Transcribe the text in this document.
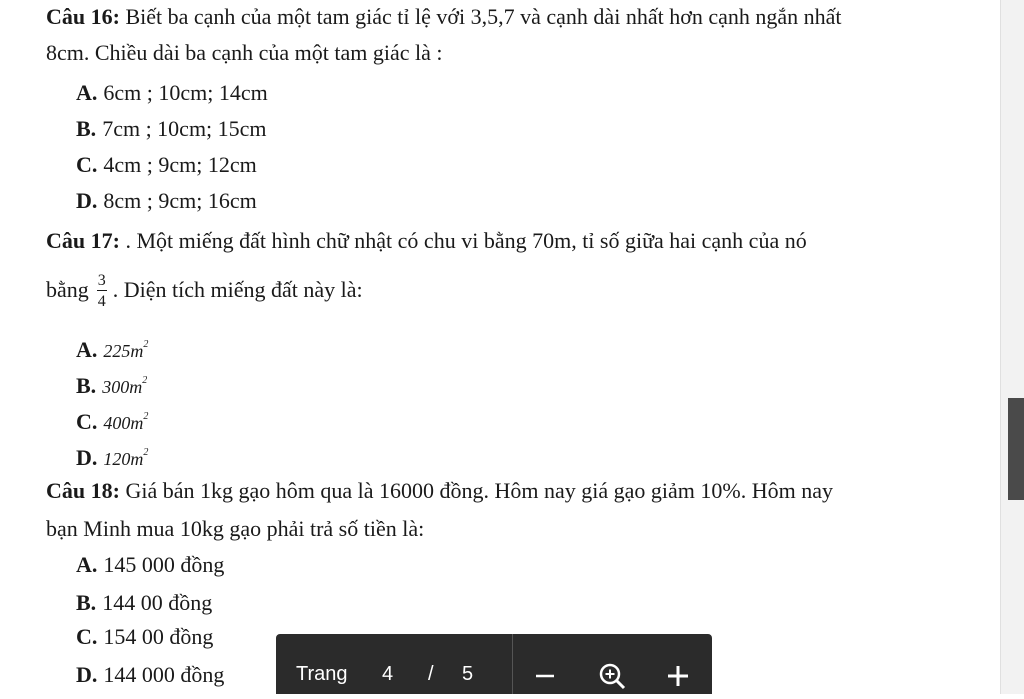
Câu 16: Biết ba cạnh của một tam giác tỉ lệ với 3,5,7 và cạnh dài nhất hơn cạnh ngắn nhất
8cm. Chiều dài ba cạnh của một tam giác là :
A. 6cm ; 10cm; 14cm
B. 7cm ; 10cm; 15cm
C. 4cm ; 9cm; 12cm
D. 8cm ; 9cm; 16cm
Câu 17: . Một miếng đất hình chữ nhật có chu vi bằng 70m, tỉ số giữa hai cạnh của nó
bằng $\frac{3}{4}$ . Diện tích miếng đất này là:
A. $225m^2$
B. $300m^2$
C. $400m^2$
D. $120m^2$
Câu 18: Giá bán 1kg gạo hôm qua là 16000 đồng. Hôm nay giá gạo giảm 10%. Hôm nay
bạn Minh mua 10kg gạo phải trả số tiền là:
A. 145 000 đồng
B. 144 00 đồng
C. 154 00 đồng
D. 144 000 đồng	Trang 4 / 5
